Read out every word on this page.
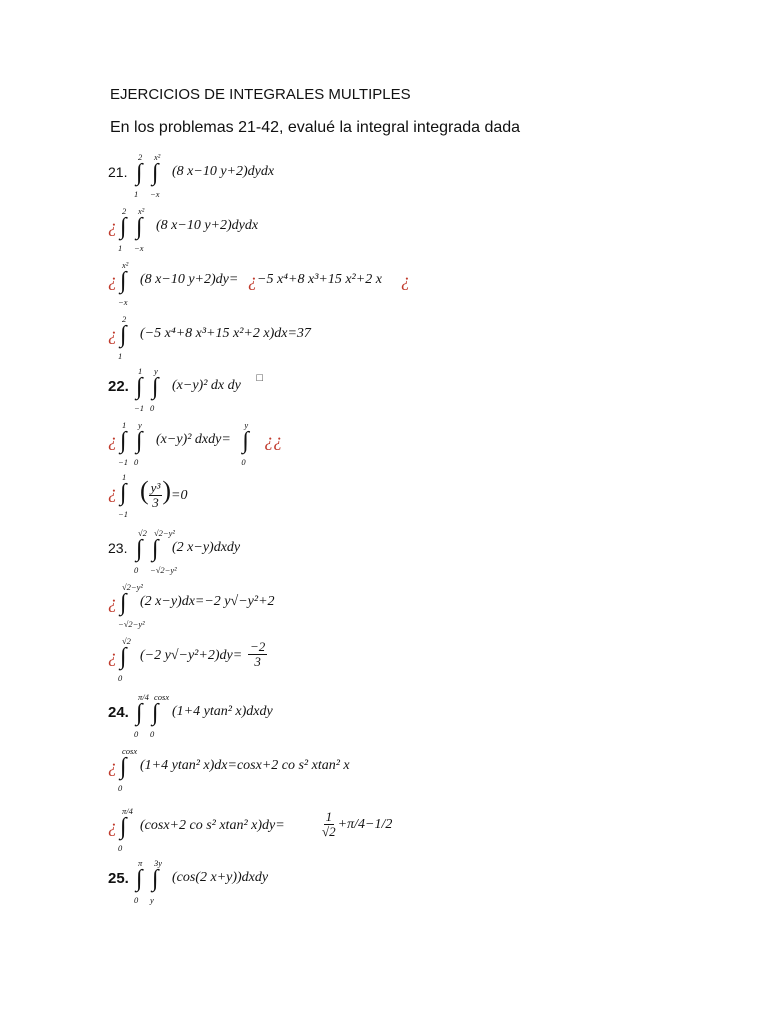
EJERCICIOS DE INTEGRALES MULTIPLES
En los problemas 21-42, evalué la integral integrada dada
21. ∫
2
1
∫
x²
−x
(8 x−10 y+2)dydx
¿ ∫
2
1
∫
x²
−x
(8 x−10 y+2)dydx
¿ ∫
x²
−x
(8 x−10 y+2)dy= ¿ −5 x⁴+8 x³+15 x²+2 x ¿
¿ ∫
2
1
(−5 x⁴+8 x³+15 x²+2 x)dx=37
22. ∫
1
−1
∫
y
0
(x−y)² dx dy □
¿ ∫
1
−1
∫
y
0
(x−y)² dxdy= ∫
y
0
¿¿
¿ ∫
1
−1
( $\frac{\text{y³}}{3} )=0$
23. ∫
√2
0
∫
√2−y²
−√2−y²
(2 x−y)dxdy
¿ ∫
√2−y²
−√2−y²
(2 x−y)dx=−2 y√−y²+2
¿ ∫
√2
0
(−2 $y√-y^2+2)dy= \frac{-2}{3}$
24. ∫
π/4
0
∫
cosx
0
(1+4 ytan² x)dxdy
¿ ∫
cosx
0
(1+4 ytan² x)dx=cosx+2 co s² xtan² x
¿ ∫
π/4
0
(cosx+2 co s² xtan² x)dy=	$\frac{1}{√2} +\pi/4-1/2$
25. ∫
π
0
∫
3y
y
(cos(2 x+y))dxdy
